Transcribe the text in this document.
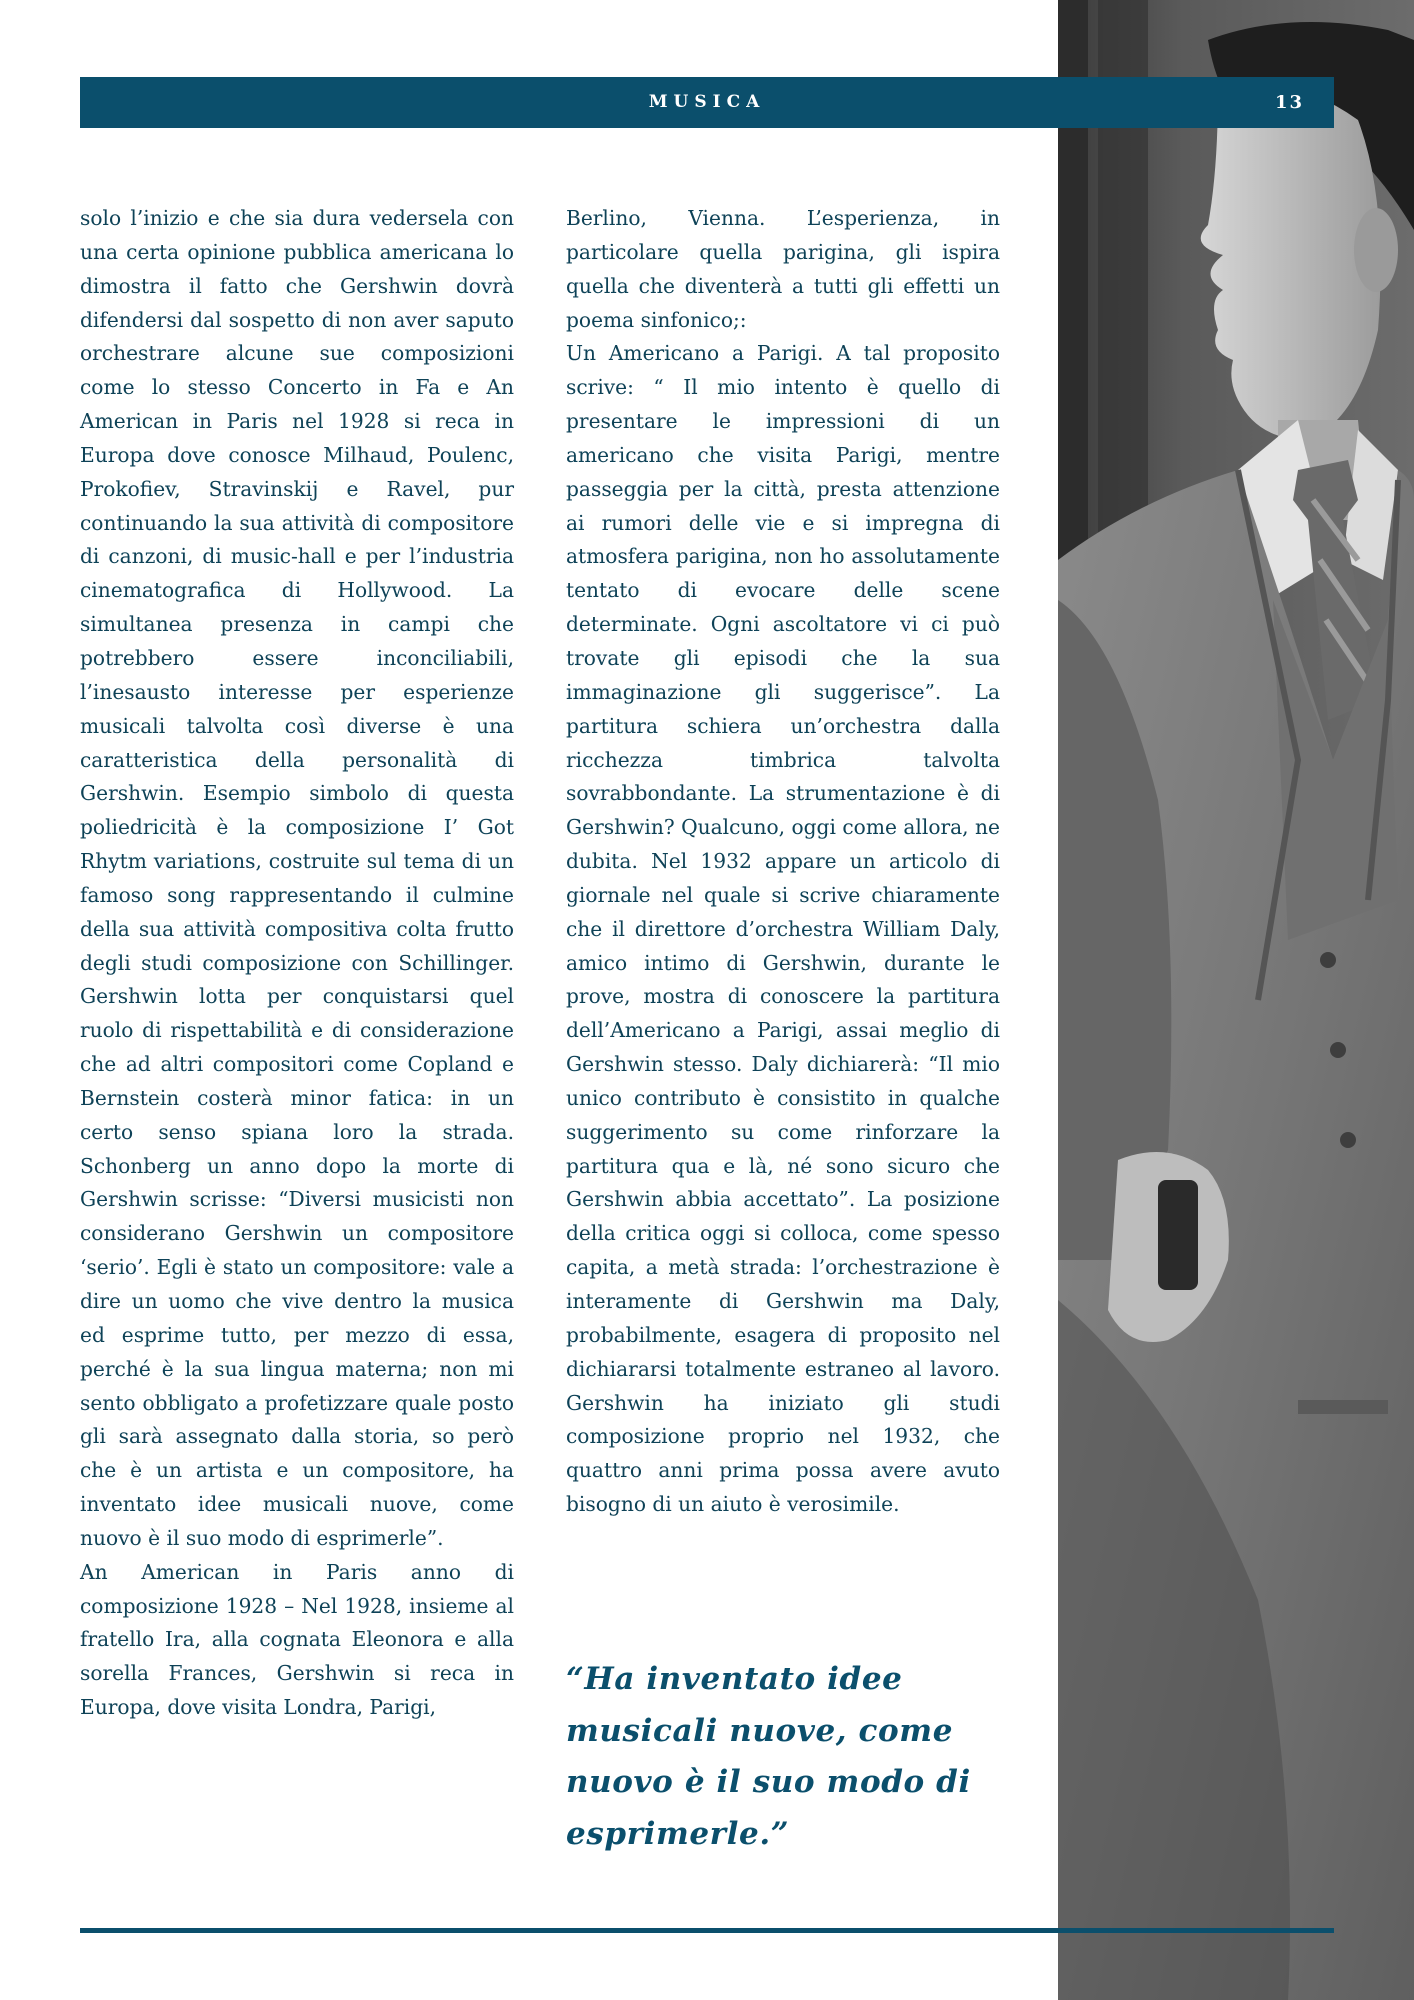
MUSICA	13

solo l’inizio e che sia dura vedersela con una certa opinione pubblica americana lo dimostra il fatto che Gershwin dovrà difendersi dal sospetto di non aver saputo orchestrare alcune sue composizioni come lo stesso Concerto in Fa e An American in Paris nel 1928 si reca in Europa dove conosce Milhaud, Poulenc, Prokofiev, Stravinskij e Ravel, pur continuando la sua attività di compositore di canzoni, di music-hall e per l’industria cinematografica di Hollywood. La simultanea presenza in campi che potrebbero essere inconciliabili, l’inesausto interesse per esperienze musicali talvolta così diverse è una caratteristica della personalità di Gershwin. Esempio simbolo di questa poliedricità è la composizione I’ Got Rhytm variations, costruite sul tema di un famoso song rappresentando il culmine della sua attività compositiva colta frutto degli studi composizione con Schillinger. Gershwin lotta per conquistarsi quel ruolo di rispettabilità e di considerazione che ad altri compositori come Copland e Bernstein costerà minor fatica: in un certo senso spiana loro la strada. Schonberg un anno dopo la morte di Gershwin scrisse: “Diversi musicisti non considerano Gershwin un compositore ‘serio’. Egli è stato un compositore: vale a dire un uomo che vive dentro la musica ed esprime tutto, per mezzo di essa, perché è la sua lingua materna; non mi sento obbligato a profetizzare quale posto gli sarà assegnato dalla storia, so però che è un artista e un compositore, ha inventato idee musicali nuove, come nuovo è il suo modo di esprimerle”.

An American in Paris anno di composizione 1928 – Nel 1928, insieme al fratello Ira, alla cognata Eleonora e alla sorella Frances, Gershwin si reca in Europa, dove visita Londra, Parigi,

Berlino, Vienna. L’esperienza, in particolare quella parigina, gli ispira quella che diventerà a tutti gli effetti un poema sinfonico;:

Un Americano a Parigi. A tal proposito scrive: “ Il mio intento è quello di presentare le impressioni di un americano che visita Parigi, mentre passeggia per la città, presta attenzione ai rumori delle vie e si impregna di atmosfera parigina, non ho assolutamente tentato di evocare delle scene determinate. Ogni ascoltatore vi ci può trovate gli episodi che la sua immaginazione gli suggerisce”. La partitura schiera un’orchestra dalla ricchezza timbrica talvolta sovrabbondante. La strumentazione è di Gershwin? Qualcuno, oggi come allora, ne dubita. Nel 1932 appare un articolo di giornale nel quale si scrive chiaramente che il direttore d’orchestra William Daly, amico intimo di Gershwin, durante le prove, mostra di conoscere la partitura dell’Americano a Parigi, assai meglio di Gershwin stesso. Daly dichiarerà: “Il mio unico contributo è consistito in qualche suggerimento su come rinforzare la partitura qua e là, né sono sicuro che Gershwin abbia accettato”. La posizione della critica oggi si colloca, come spesso capita, a metà strada: l’orchestrazione è interamente di Gershwin ma Daly, probabilmente, esagera di proposito nel dichiararsi totalmente estraneo al lavoro. Gershwin ha iniziato gli studi composizione proprio nel 1932, che quattro anni prima possa avere avuto bisogno di un aiuto è verosimile.

“Ha inventato idee musicali nuove, come nuovo è il suo modo di esprimerle.”
